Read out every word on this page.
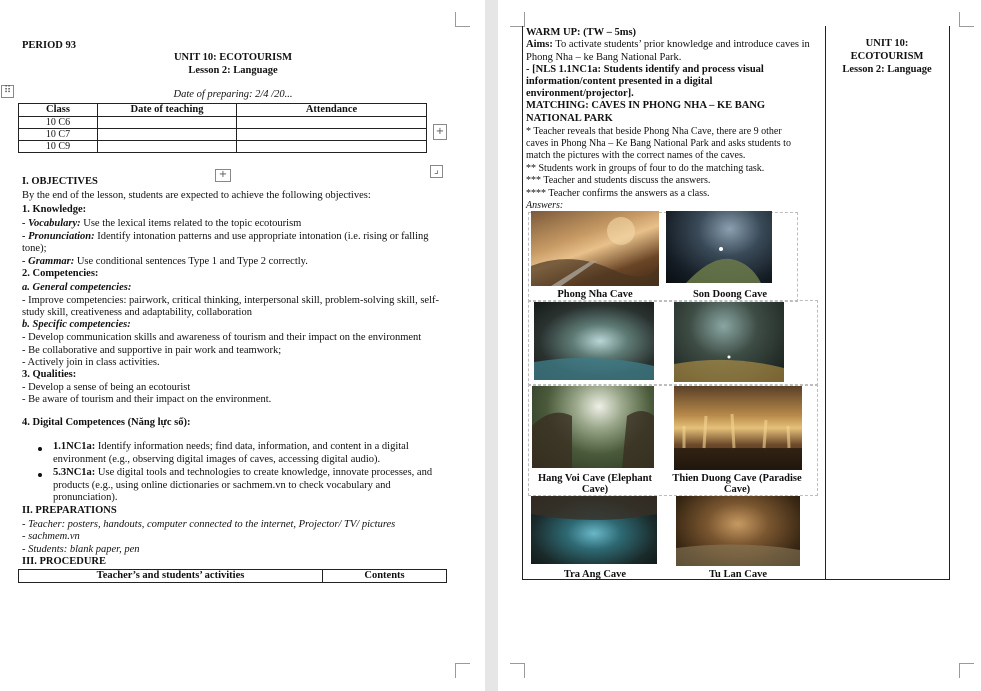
PERIOD 93
UNIT 10: ECOTOURISM
Lesson 2: Language
⠿	Date of preparing: 2/4 /20...
Class	Date of teaching	Attendance
10 C6		
10 C7		
10 C9		
+
+	⌟
I. OBJECTIVES
By the end of the lesson, students are expected to achieve the following objectives:
1. Knowledge:
- Vocabulary: Use the lexical items related to the topic ecotourism
- Pronunciation: Identify intonation patterns and use appropriate intonation (i.e. rising or falling
tone);
- Grammar: Use conditional sentences Type 1 and Type 2 correctly.
2. Competencies:
a. General competencies:
- Improve competencies: pairwork, critical thinking, interpersonal skill, problem-solving skill, self-
study skill, creativeness and adaptability, collaboration
b. Specific competencies:
- Develop communication skills and awareness of tourism and their impact on the environment
- Be collaborative and supportive in pair work and teamwork;
- Actively join in class activities.
3. Qualities:
- Develop a sense of being an ecotourist
- Be aware of tourism and their impact on the environment.
4. Digital Competences (Năng lực số):
1.1NC1a: Identify information needs; find data, information, and content in a digital
environment (e.g., observing digital images of caves, accessing digital audio).
5.3NC1a: Use digital tools and technologies to create knowledge, innovate processes, and
products (e.g., using online dictionaries or sachmem.vn to check vocabulary and
pronunciation).
II. PREPARATIONS
- Teacher: posters, handouts, computer connected to the internet, Projector/ TV/ pictures
- sachmem.vn
- Students: blank paper, pen
III. PROCEDURE
Teacher’s and students’ activities	Contents
WARM UP: (TW – 5ms)
Aims: To activate students’ prior knowledge and introduce caves in
Phong Nha – ke Bang National Park.
- [NLS 1.1NC1a: Students identify and process visual
information/content presented in a digital
environment/projector].
MATCHING: CAVES IN PHONG NHA – KE BANG
NATIONAL PARK
* Teacher reveals that beside Phong Nha Cave, there are 9 other
caves in Phong Nha – Ke Bang National Park and asks students to
match the pictures with the correct names of the caves.
** Students work in groups of four to do the matching task.
*** Teacher and students discuss the answers.
**** Teacher confirms the answers as a class.
Answers:
UNIT 10:
ECOTOURISM
Lesson 2: Language
Phong Nha Cave	Son Doong Cave
Hang Voi Cave (Elephant Cave)
Thien Duong Cave (Paradise Cave)
Tra Ang Cave	Tu Lan Cave
